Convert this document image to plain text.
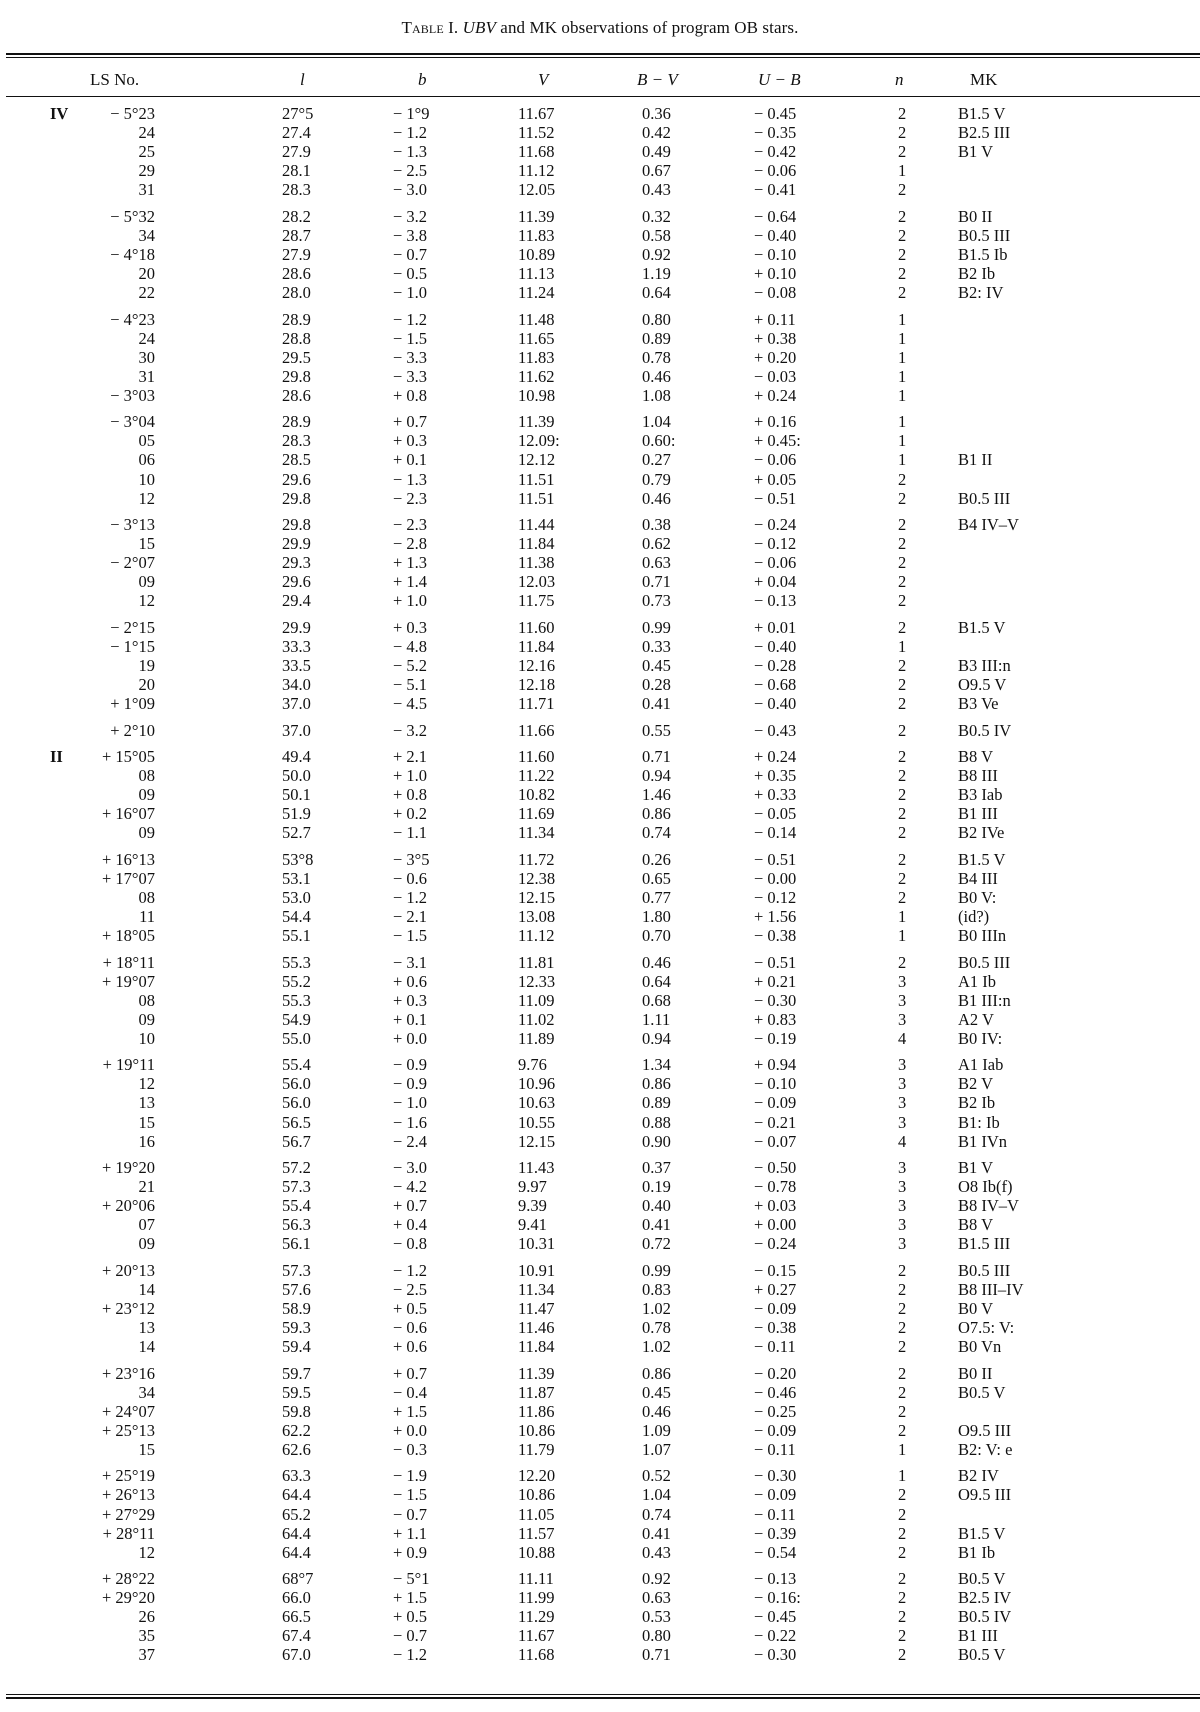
Table I. UBV and MK observations of program OB stars.
LS No.	l	b	V	B − V	U − B	n	MK
IV	− 5°23	27°5	− 1°9	11.67	0.36	− 0.45	2	B1.5 V
24	27.4	− 1.2	11.52	0.42	− 0.35	2	B2.5 III
25	27.9	− 1.3	11.68	0.49	− 0.42	2	B1 V
29	28.1	− 2.5	11.12	0.67	− 0.06	1
31	28.3	− 3.0	12.05	0.43	− 0.41	2
− 5°32	28.2	− 3.2	11.39	0.32	− 0.64	2	B0 II
34	28.7	− 3.8	11.83	0.58	− 0.40	2	B0.5 III
− 4°18	27.9	− 0.7	10.89	0.92	− 0.10	2	B1.5 Ib
20	28.6	− 0.5	11.13	1.19	+ 0.10	2	B2 Ib
22	28.0	− 1.0	11.24	0.64	− 0.08	2	B2: IV
− 4°23	28.9	− 1.2	11.48	0.80	+ 0.11	1
24	28.8	− 1.5	11.65	0.89	+ 0.38	1
30	29.5	− 3.3	11.83	0.78	+ 0.20	1
31	29.8	− 3.3	11.62	0.46	− 0.03	1
− 3°03	28.6	+ 0.8	10.98	1.08	+ 0.24	1
− 3°04	28.9	+ 0.7	11.39	1.04	+ 0.16	1
05	28.3	+ 0.3	12.09:	0.60:	+ 0.45:	1
06	28.5	+ 0.1	12.12	0.27	− 0.06	1	B1 II
10	29.6	− 1.3	11.51	0.79	+ 0.05	2
12	29.8	− 2.3	11.51	0.46	− 0.51	2	B0.5 III
− 3°13	29.8	− 2.3	11.44	0.38	− 0.24	2	B4 IV–V
15	29.9	− 2.8	11.84	0.62	− 0.12	2
− 2°07	29.3	+ 1.3	11.38	0.63	− 0.06	2
09	29.6	+ 1.4	12.03	0.71	+ 0.04	2
12	29.4	+ 1.0	11.75	0.73	− 0.13	2
− 2°15	29.9	+ 0.3	11.60	0.99	+ 0.01	2	B1.5 V
− 1°15	33.3	− 4.8	11.84	0.33	− 0.40	1
19	33.5	− 5.2	12.16	0.45	− 0.28	2	B3 III:n
20	34.0	− 5.1	12.18	0.28	− 0.68	2	O9.5 V
+ 1°09	37.0	− 4.5	11.71	0.41	− 0.40	2	B3 Ve
+ 2°10	37.0	− 3.2	11.66	0.55	− 0.43	2	B0.5 IV
II	+ 15°05	49.4	+ 2.1	11.60	0.71	+ 0.24	2	B8 V
08	50.0	+ 1.0	11.22	0.94	+ 0.35	2	B8 III
09	50.1	+ 0.8	10.82	1.46	+ 0.33	2	B3 Iab
+ 16°07	51.9	+ 0.2	11.69	0.86	− 0.05	2	B1 III
09	52.7	− 1.1	11.34	0.74	− 0.14	2	B2 IVe
+ 16°13	53°8	− 3°5	11.72	0.26	− 0.51	2	B1.5 V
+ 17°07	53.1	− 0.6	12.38	0.65	− 0.00	2	B4 III
08	53.0	− 1.2	12.15	0.77	− 0.12	2	B0 V:
11	54.4	− 2.1	13.08	1.80	+ 1.56	1	(id?)
+ 18°05	55.1	− 1.5	11.12	0.70	− 0.38	1	B0 IIIn
+ 18°11	55.3	− 3.1	11.81	0.46	− 0.51	2	B0.5 III
+ 19°07	55.2	+ 0.6	12.33	0.64	+ 0.21	3	A1 Ib
08	55.3	+ 0.3	11.09	0.68	− 0.30	3	B1 III:n
09	54.9	+ 0.1	11.02	1.11	+ 0.83	3	A2 V
10	55.0	+ 0.0	11.89	0.94	− 0.19	4	B0 IV:
+ 19°11	55.4	− 0.9	9.76	1.34	+ 0.94	3	A1 Iab
12	56.0	− 0.9	10.96	0.86	− 0.10	3	B2 V
13	56.0	− 1.0	10.63	0.89	− 0.09	3	B2 Ib
15	56.5	− 1.6	10.55	0.88	− 0.21	3	B1: Ib
16	56.7	− 2.4	12.15	0.90	− 0.07	4	B1 IVn
+ 19°20	57.2	− 3.0	11.43	0.37	− 0.50	3	B1 V
21	57.3	− 4.2	9.97	0.19	− 0.78	3	O8 Ib(f)
+ 20°06	55.4	+ 0.7	9.39	0.40	+ 0.03	3	B8 IV–V
07	56.3	+ 0.4	9.41	0.41	+ 0.00	3	B8 V
09	56.1	− 0.8	10.31	0.72	− 0.24	3	B1.5 III
+ 20°13	57.3	− 1.2	10.91	0.99	− 0.15	2	B0.5 III
14	57.6	− 2.5	11.34	0.83	+ 0.27	2	B8 III–IV
+ 23°12	58.9	+ 0.5	11.47	1.02	− 0.09	2	B0 V
13	59.3	− 0.6	11.46	0.78	− 0.38	2	O7.5: V:
14	59.4	+ 0.6	11.84	1.02	− 0.11	2	B0 Vn
+ 23°16	59.7	+ 0.7	11.39	0.86	− 0.20	2	B0 II
34	59.5	− 0.4	11.87	0.45	− 0.46	2	B0.5 V
+ 24°07	59.8	+ 1.5	11.86	0.46	− 0.25	2
+ 25°13	62.2	+ 0.0	10.86	1.09	− 0.09	2	O9.5 III
15	62.6	− 0.3	11.79	1.07	− 0.11	1	B2: V: e
+ 25°19	63.3	− 1.9	12.20	0.52	− 0.30	1	B2 IV
+ 26°13	64.4	− 1.5	10.86	1.04	− 0.09	2	O9.5 III
+ 27°29	65.2	− 0.7	11.05	0.74	− 0.11	2
+ 28°11	64.4	+ 1.1	11.57	0.41	− 0.39	2	B1.5 V
12	64.4	+ 0.9	10.88	0.43	− 0.54	2	B1 Ib
+ 28°22	68°7	− 5°1	11.11	0.92	− 0.13	2	B0.5 V
+ 29°20	66.0	+ 1.5	11.99	0.63	− 0.16:	2	B2.5 IV
26	66.5	+ 0.5	11.29	0.53	− 0.45	2	B0.5 IV
35	67.4	− 0.7	11.67	0.80	− 0.22	2	B1 III
37	67.0	− 1.2	11.68	0.71	− 0.30	2	B0.5 V
